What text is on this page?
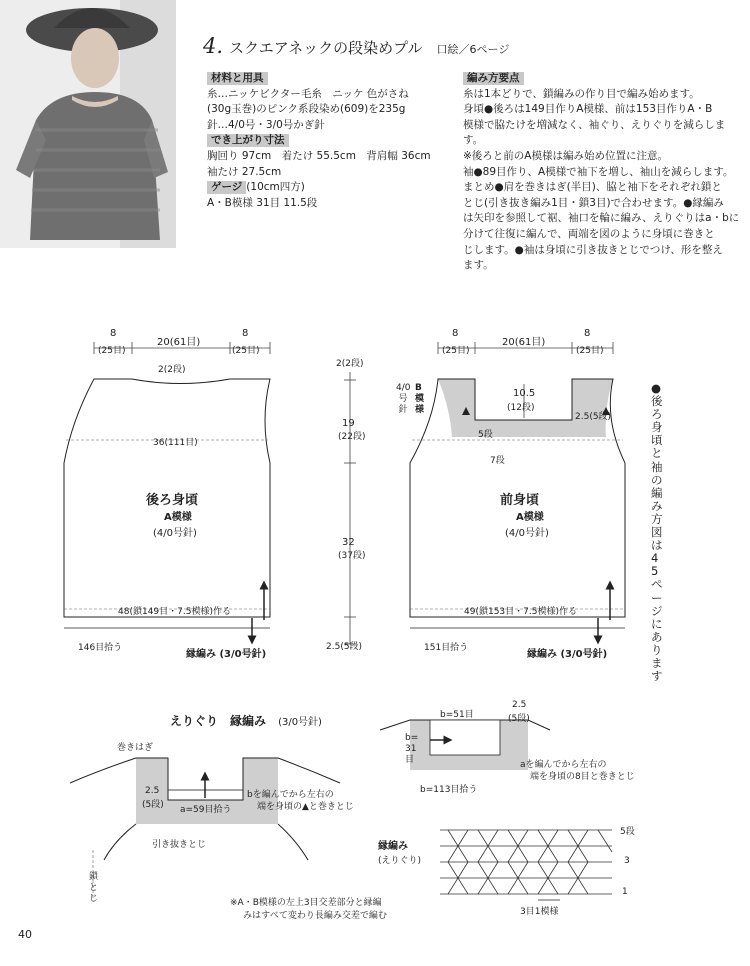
4. スクエアネックの段染めプル 口絵／6ページ
材料と用具

糸…ニッケビクター毛糸　ニッケ 色がさね

(30g玉巻)のピンク系段染め(609)を235g

針…4/0号・3/0号かぎ針

でき上がり寸法

胸回り 97cm　着たけ 55.5cm　背肩幅 36cm

袖たけ 27.5cm

ゲージ (10cm四方)

A・B模様 31目 11.5段

編み方要点

糸は1本どりで、鎖編みの作り目で編み始めます。

身頃●後ろは149目作りA模様、前は153目作りA・B

模様で脇たけを増減なく、袖ぐり、えりぐりを減らします。

※後ろと前のA模様は編み始め位置に注意。

袖●89目作り、A模様で袖下を増し、袖山を減らします。

まとめ●肩を巻きはぎ(半目)、脇と袖下をそれぞれ鎖と

とじ(引き抜き編み1目・鎖3目)で合わせます。●縁編み

は矢印を参照して裾、袖口を輪に編み、えりぐりはa・bに

分けて往復に編んで、両端を図のように身頃に巻きと

じします。●袖は身頃に引き抜きとじでつけ、形を整え

ます。

8
20(61目)
8
(25目)	(25目)
2(2段)
36(111目)
後ろ身頃
A模様
(4/0号針)
48(鎖149目・7.5模様)作る
146目拾う
縁編み (3/0号針)
2(2段)
19
(22段)
32
(37段)
2.5(5段)
8
20(61目)
8
(25目)	(25目)
4/0
号
針
B
模
様
10.5
(12段)
5段
7段
2.5(5段)
前身頃
A模様
(4/0号針)
49(鎖153目・7.5模様)作る
151目拾う
縁編み (3/0号針)
●後ろ身頃と袖の編み方図は45ページにあります
えりぐり　 縁編み　 (3/0号針)
巻きはぎ
2.5
(5段)
bを編んでから左右の
端を身頃の▲と巻きとじ
a=59目拾う
引き抜きとじ
鎖
とじ
b=51目
2.5
(5段)
b=
31
目	aを編んでから左右の
端を身頃の8目と巻きとじ
b=113目拾う
縁編み
(えりぐり)
5段
3
1
3目1模様
※A・B模様の左上3目交差部分と縁編
みはすべて変わり長編み交差で編む
40
